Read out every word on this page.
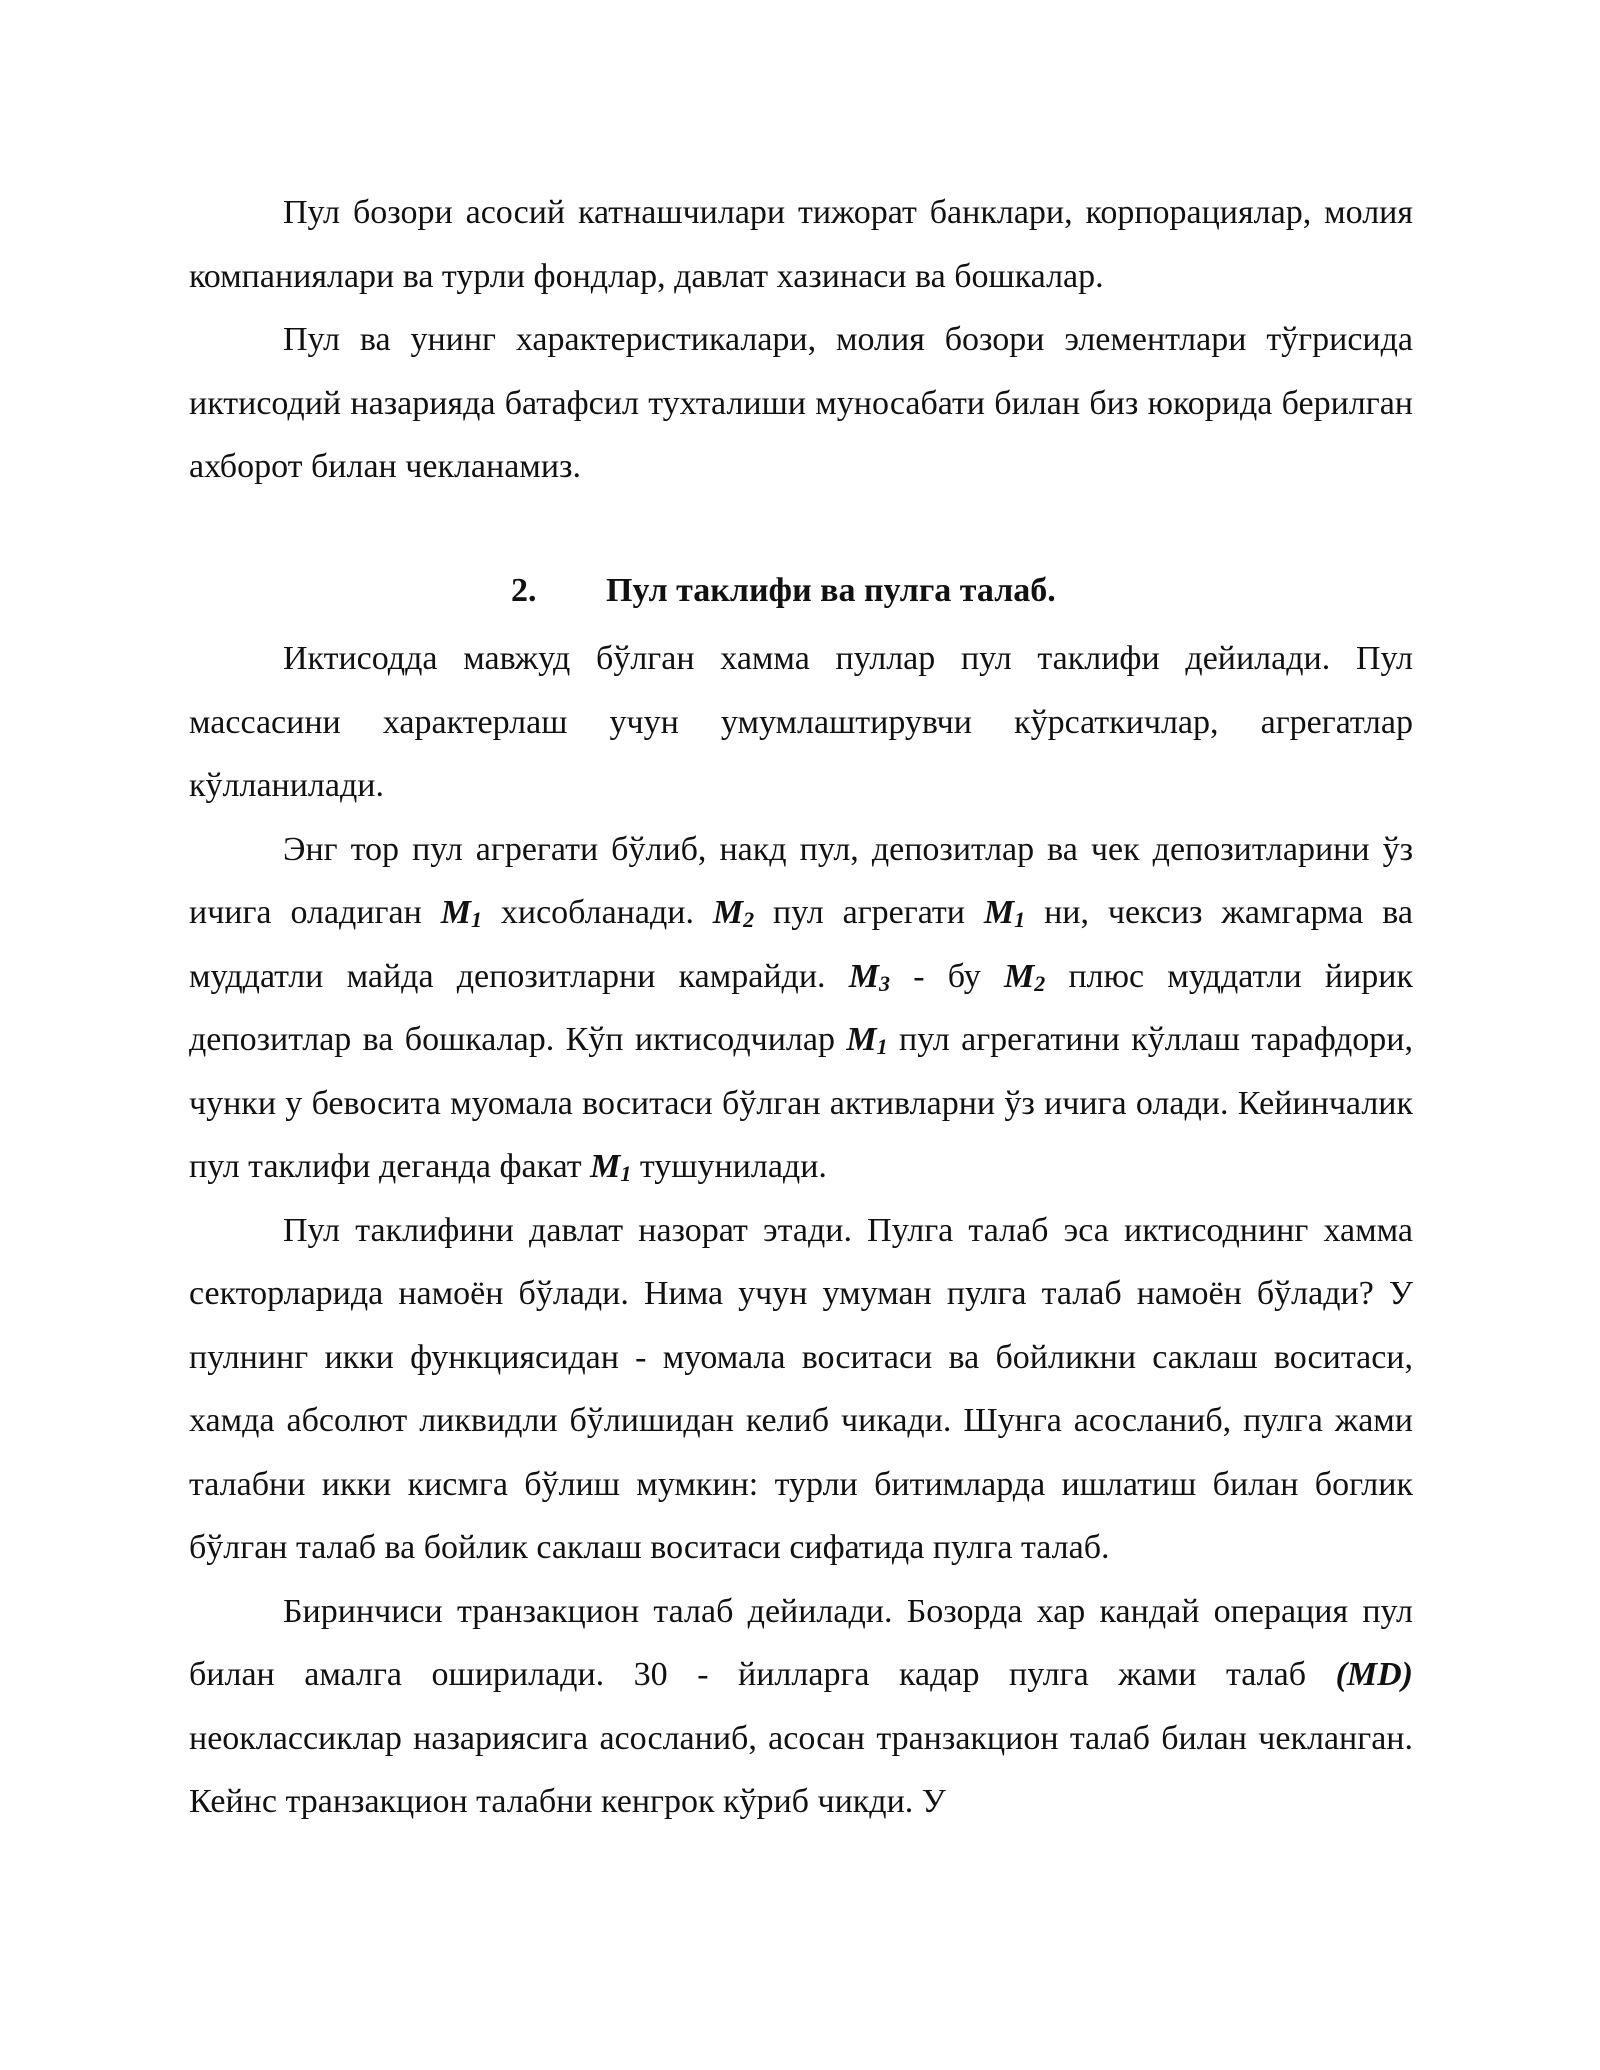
Пул бозори асосий катнашчилари тижорат банклари, корпорациялар, молия компаниялари ва турли фондлар, давлат хазинаси ва бошкалар.

Пул ва унинг характеристикалари, молия бозори элементлари тўгрисида иктисодий назарияда батафсил тухталиши муносабати билан биз юкорида берилган ахборот билан чекланамиз.

2. Пул таклифи ва пулга талаб.

Иктисодда мавжуд бўлган хамма пуллар пул таклифи дейилади. Пул массасини характерлаш учун умумлаштирувчи кўрсаткичлар, агрегатлар кўлланилади.

Энг тор пул агрегати бўлиб, накд пул, депозитлар ва чек депозитларини ўз ичига оладиган $M_1$ хисобланади. $M_2$ пул агрегати $M_1$ ни, чексиз жамгарма ва муддатли майда депозитларни камрайди. $M_3$ - бу $M_2$ плюс муддатли йирик депозитлар ва бошкалар. Кўп иктисодчилар $M_1$ пул агрегатини кўллаш тарафдори, чунки у бевосита муомала воситаси бўлган активларни ўз ичига олади. Кейинчалик пул таклифи деганда факат $M_1$ тушунилади.

Пул таклифини давлат назорат этади. Пулга талаб эса иктисоднинг хамма секторларида намоён бўлади. Нима учун умуман пулга талаб намоён бўлади? У пулнинг икки функциясидан - муомала воситаси ва бойликни саклаш воситаси, хамда абсолют ликвидли бўлишидан келиб чикади. Шунга асосланиб, пулга жами талабни икки кисмга бўлиш мумкин: турли битимларда ишлатиш билан боглик бўлган талаб ва бойлик саклаш воситаси сифатида пулга талаб.

Биринчиси транзакцион талаб дейилади. Бозорда хар кандай операция пул билан амалга оширилади. 30 - йилларга кадар пулга жами талаб (MD) неоклассиклар назариясига асосланиб, асосан транзакцион талаб билан чекланган. Кейнс транзакцион талабни кенгрок кўриб чикди. У
